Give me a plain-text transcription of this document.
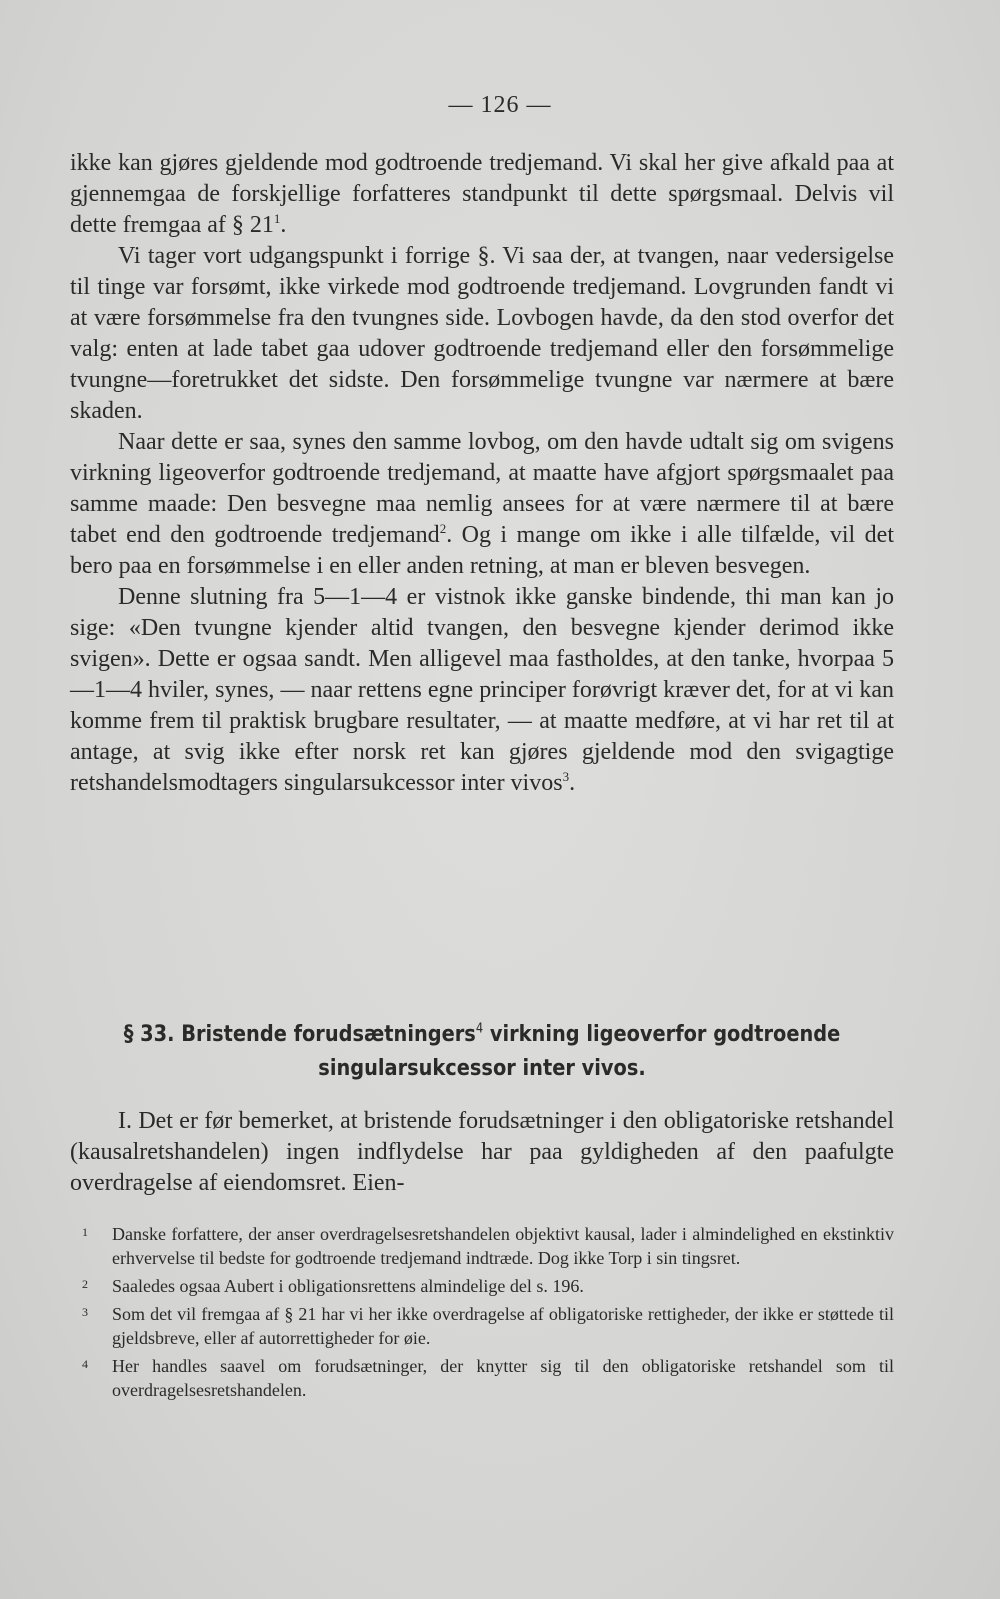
— 126 —

ikke kan gjøres gjeldende mod godtroende tredjemand. Vi skal her give afkald paa at gjennemgaa de forskjellige forfatteres standpunkt til dette spørgsmaal. Delvis vil dette fremgaa af § $21^1$.

Vi tager vort udgangspunkt i forrige §. Vi saa der, at tvangen, naar vedersigelse til tinge var forsømt, ikke virkede mod godtroende tredjemand. Lovgrunden fandt vi at være forsømmelse fra den tvungnes side. Lovbogen havde, da den stod overfor det valg: enten at lade tabet gaa udover godtroende tredjemand eller den forsømmelige tvungne—foretrukket det sidste. Den forsømmelige tvungne var nærmere at bære skaden.

Naar dette er saa, synes den samme lovbog, om den havde udtalt sig om svigens virkning ligeoverfor godtroende tredjemand, at maatte have afgjort spørgsmaalet paa samme maade: Den besvegne maa nemlig ansees for at være nærmere til at bære tabet end den godtroende tredjemand$^2$. Og i mange om ikke i alle tilfælde, vil det bero paa en forsømmelse i en eller anden retning, at man er bleven besvegen.

Denne slutning fra 5—1—4 er vistnok ikke ganske bindende, thi man kan jo sige: «Den tvungne kjender altid tvangen, den besvegne kjender derimod ikke svigen». Dette er ogsaa sandt. Men alligevel maa fastholdes, at den tanke, hvorpaa 5—1—4 hviler, synes, — naar rettens egne principer forøvrigt kræver det, for at vi kan komme frem til praktisk brugbare resultater, — at maatte medføre, at vi har ret til at antage, at svig ikke efter norsk ret kan gjøres gjeldende mod den svigagtige retshandelsmodtagers singularsukcessor inter vivos$^3$.

§ 33. Bristende forudsætningers$^4$ virkning ligeoverfor godtroende
singularsukcessor inter vivos.

I. Det er før bemerket, at bristende forudsætninger i den obligatoriske retshandel (kausalretshandelen) ingen indflydelse har paa gyldigheden af den paafulgte overdragelse af eiendomsret. Eien-

1 Danske forfattere, der anser overdragelsesretshandelen objektivt kausal, lader i almindelighed en ekstinktiv erhvervelse til bedste for godtroende tredjemand indtræde. Dog ikke Torp i sin tingsret.
2 Saaledes ogsaa Aubert i obligationsrettens almindelige del s. 196.
3 Som det vil fremgaa af § 21 har vi her ikke overdragelse af obligatoriske rettigheder, der ikke er støttede til gjeldsbreve, eller af autorrettigheder for øie.
4 Her handles saavel om forudsætninger, der knytter sig til den obligatoriske retshandel som til overdragelsesretshandelen.
